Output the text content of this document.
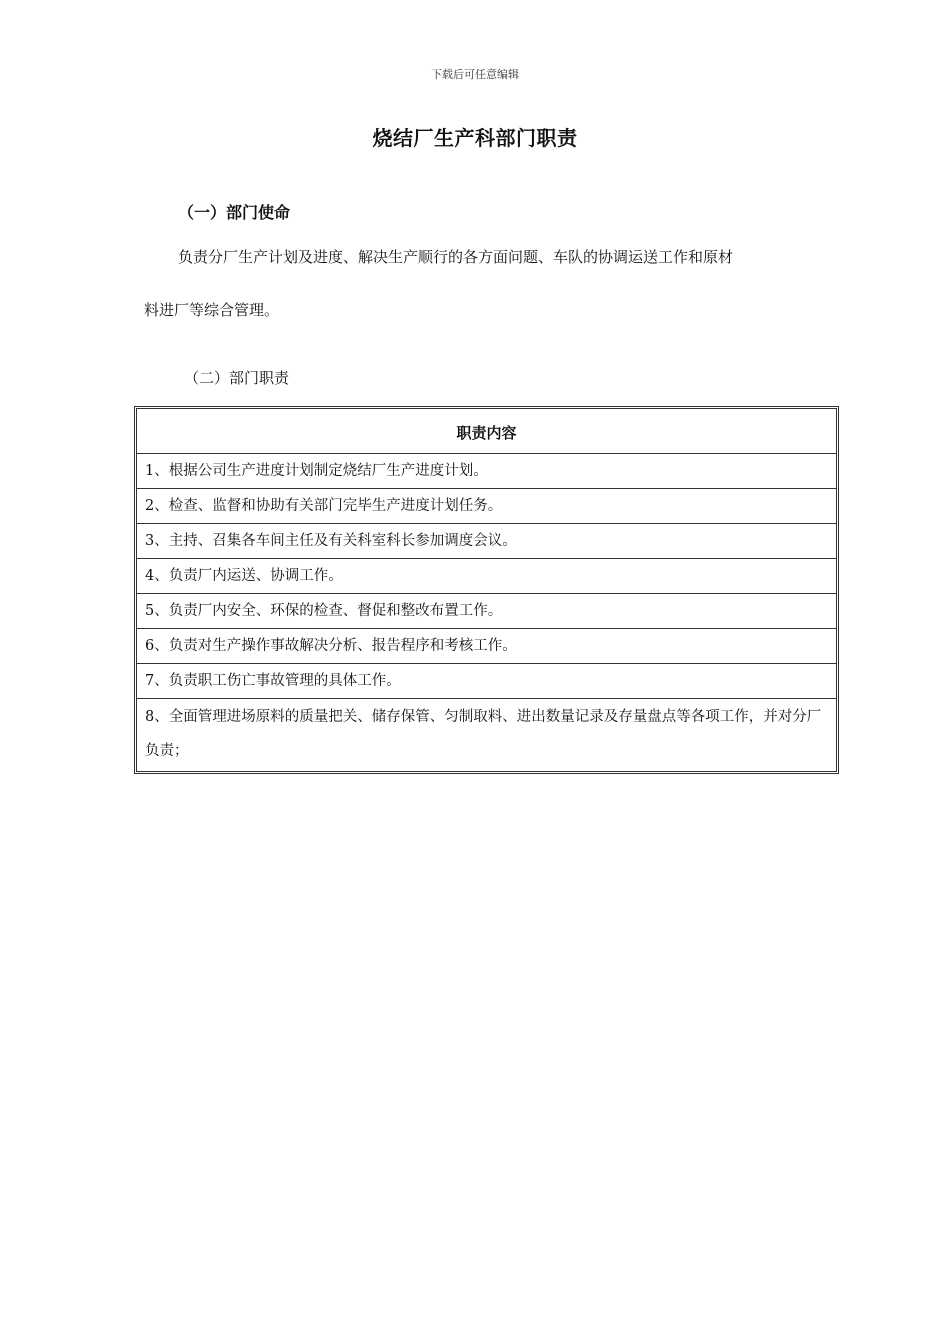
下载后可任意编辑
烧结厂生产科部门职责
（一）部门使命
负责分厂生产计划及进度、解决生产顺行的各方面问题、车队的协调运送工作和原材
料进厂等综合管理。
（二）部门职责
职责内容
1、根据公司生产进度计划制定烧结厂生产进度计划。
2、检查、监督和协助有关部门完毕生产进度计划任务。
3、主持、召集各车间主任及有关科室科长参加调度会议。
4、负责厂内运送、协调工作。
5、负责厂内安全、环保的检查、督促和整改布置工作。
6、负责对生产操作事故解决分析、报告程序和考核工作。
7、负责职工伤亡事故管理的具体工作。
8、全面管理进场原料的质量把关、储存保管、匀制取料、进出数量记录及存量盘点等各项工作，并对分厂负责；
